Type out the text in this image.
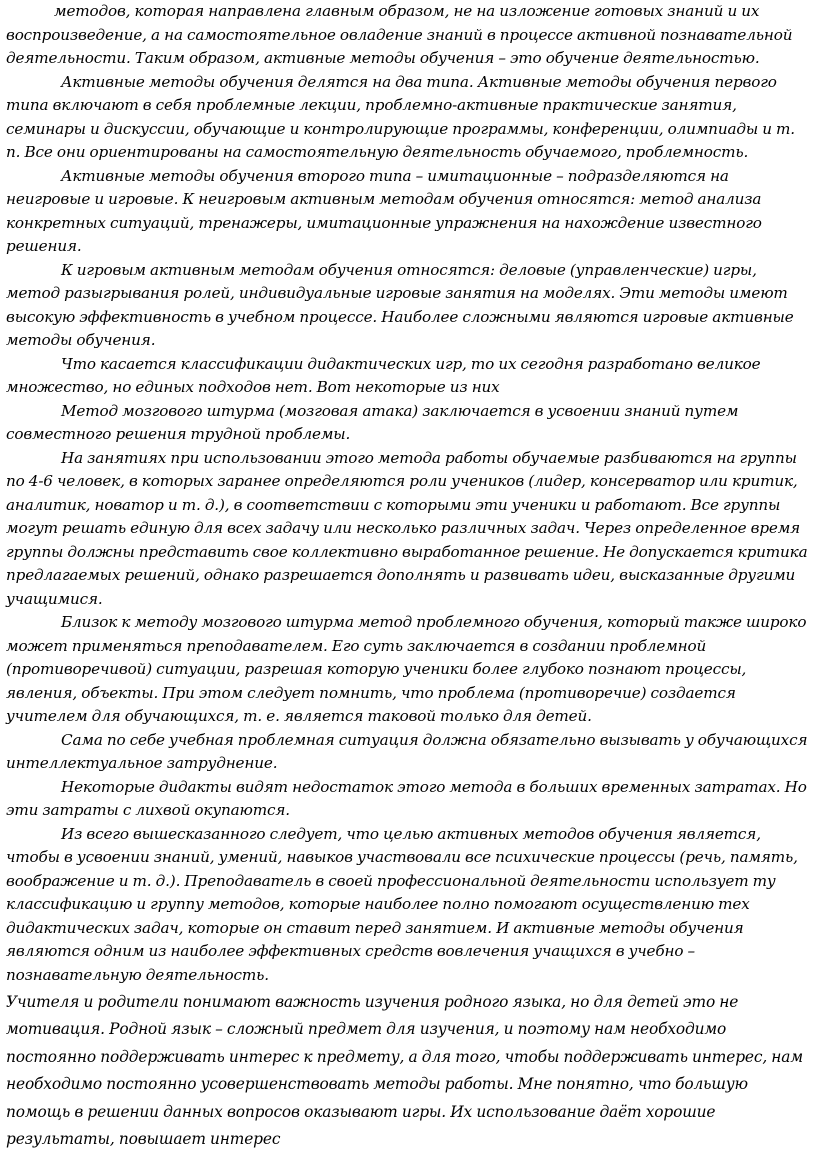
методов, которая направлена главным образом, не на изложение готовых знаний и их воспроизведение, а на самостоятельное овладение знаний в процессе активной познавательной деятельности. Таким образом, активные методы обучения – это обучение деятельностью.

Активные методы обучения делятся на два типа. Активные методы обучения первого типа включают в себя проблемные лекции, проблемно-активные практические занятия, семинары и дискуссии, обучающие и контролирующие программы, конференции, олимпиады и т. п. Все они ориентированы на самостоятельную деятельность обучаемого, проблемность.

Активные методы обучения второго типа – имитационные – подразделяются на неигровые и игровые. К неигровым активным методам обучения относятся: метод анализа конкретных ситуаций, тренажеры, имитационные упражнения на нахождение известного решения.

К игровым активным методам обучения относятся: деловые (управленческие) игры, метод разыгрывания ролей, индивидуальные игровые занятия на моделях. Эти методы имеют высокую эффективность в учебном процессе. Наиболее сложными являются игровые активные методы обучения.

Что касается классификации дидактических игр, то их сегодня разработано великое множество, но единых подходов нет. Вот некоторые из них

Метод мозгового штурма (мозговая атака) заключается в усвоении знаний путем совместного решения трудной проблемы.

На занятиях при использовании этого метода работы обучаемые разбиваются на группы по 4-6 человек, в которых заранее определяются роли учеников (лидер, консерватор или критик, аналитик, новатор и т. д.), в соответствии с которыми эти ученики и работают. Все группы могут решать единую для всех задачу или несколько различных задач. Через определенное время группы должны представить свое коллективно выработанное решение. Не допускается критика предлагаемых решений, однако разрешается дополнять и развивать идеи, высказанные другими учащимися.

Близок к методу мозгового штурма метод проблемного обучения, который также широко может применяться преподавателем. Его суть заключается в создании проблемной (противоречивой) ситуации, разрешая которую ученики более глубоко познают процессы, явления, объекты. При этом следует помнить, что проблема (противоречие) создается учителем для обучающихся, т. е. является таковой только для детей.

Сама по себе учебная проблемная ситуация должна обязательно вызывать у обучающихся интеллектуальное затруднение.

Некоторые дидакты видят недостаток этого метода в больших временных затратах. Но эти затраты с лихвой окупаются.

Из всего вышесказанного следует, что целью активных методов обучения является, чтобы в усвоении знаний, умений, навыков участвовали все психические процессы (речь, память, воображение и т. д.). Преподаватель в своей профессиональной деятельности использует ту классификацию и группу методов, которые наиболее полно помогают осуществлению тех дидактических задач, которые он ставит перед занятием. И активные методы обучения являются одним из наиболее эффективных средств вовлечения учащихся в учебно – познавательную деятельность.

Учителя и родители понимают важность изучения родного языка, но для детей это не мотивация. Родной язык – сложный предмет для изучения, и поэтому нам необходимо постоянно поддерживать интерес к предмету, а для того, чтобы поддерживать интерес, нам необходимо постоянно усовершенствовать методы работы. Мне понятно, что большую помощь в решении данных вопросов оказывают игры. Их использование даёт хорошие результаты, повышает интерес
